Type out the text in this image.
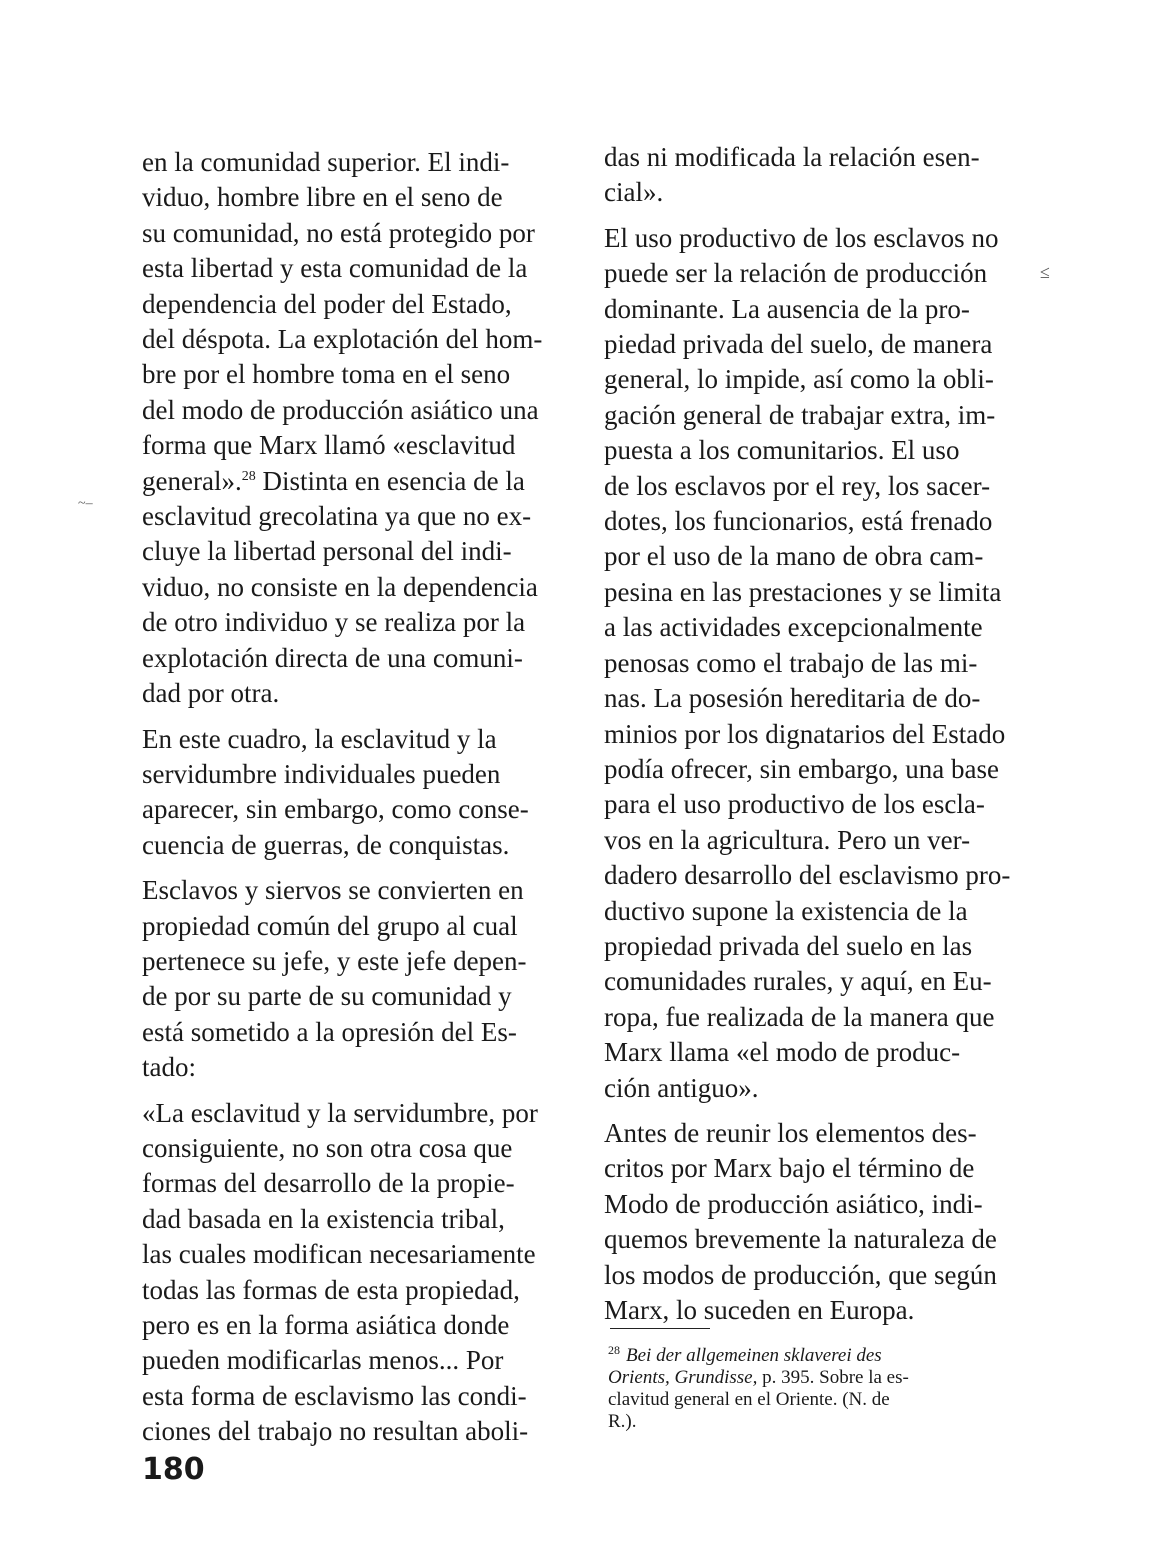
en la comunidad superior. El indi-
viduo, hombre libre en el seno de
su comunidad, no está protegido por
esta libertad y esta comunidad de la
dependencia del poder del Estado,
del déspota. La explotación del hom-
bre por el hombre toma en el seno
del modo de producción asiático una
forma que Marx llamó «esclavitud
general».$^{28}$ Distinta en esencia de la
esclavitud grecolatina ya que no ex-
cluye la libertad personal del indi-
viduo, no consiste en la dependencia
de otro individuo y se realiza por la
explotación directa de una comuni-
dad por otra.

En este cuadro, la esclavitud y la
servidumbre individuales pueden
aparecer, sin embargo, como conse-
cuencia de guerras, de conquistas.

Esclavos y siervos se convierten en
propiedad común del grupo al cual
pertenece su jefe, y este jefe depen-
de por su parte de su comunidad y
está sometido a la opresión del Es-
tado:

«La esclavitud y la servidumbre, por
consiguiente, no son otra cosa que
formas del desarrollo de la propie-
dad basada en la existencia tribal,
las cuales modifican necesariamente
todas las formas de esta propiedad,
pero es en la forma asiática donde
pueden modificarlas menos... Por
esta forma de esclavismo las condi-
ciones del trabajo no resultan aboli-

das ni modificada la relación esen-
cial».

El uso productivo de los esclavos no
puede ser la relación de producción
dominante. La ausencia de la pro-
piedad privada del suelo, de manera
general, lo impide, así como la obli-
gación general de trabajar extra, im-
puesta a los comunitarios. El uso
de los esclavos por el rey, los sacer-
dotes, los funcionarios, está frenado
por el uso de la mano de obra cam-
pesina en las prestaciones y se limita
a las actividades excepcionalmente
penosas como el trabajo de las mi-
nas. La posesión hereditaria de do-
minios por los dignatarios del Estado
podía ofrecer, sin embargo, una base
para el uso productivo de los escla-
vos en la agricultura. Pero un ver-
dadero desarrollo del esclavismo pro-
ductivo supone la existencia de la
propiedad privada del suelo en las
comunidades rurales, y aquí, en Eu-
ropa, fue realizada de la manera que
Marx llama «el modo de produc-
ción antiguo».

Antes de reunir los elementos des-
critos por Marx bajo el término de
Modo de producción asiático, indi-
quemos brevemente la naturaleza de
los modos de producción, que según
Marx, lo suceden en Europa.

$^{28}$ Bei der allgemeinen sklaverei des
Orients, Grundisse, p. 395. Sobre la es-
clavitud general en el Oriente. (N. de
R.).
180
~‒
≤
